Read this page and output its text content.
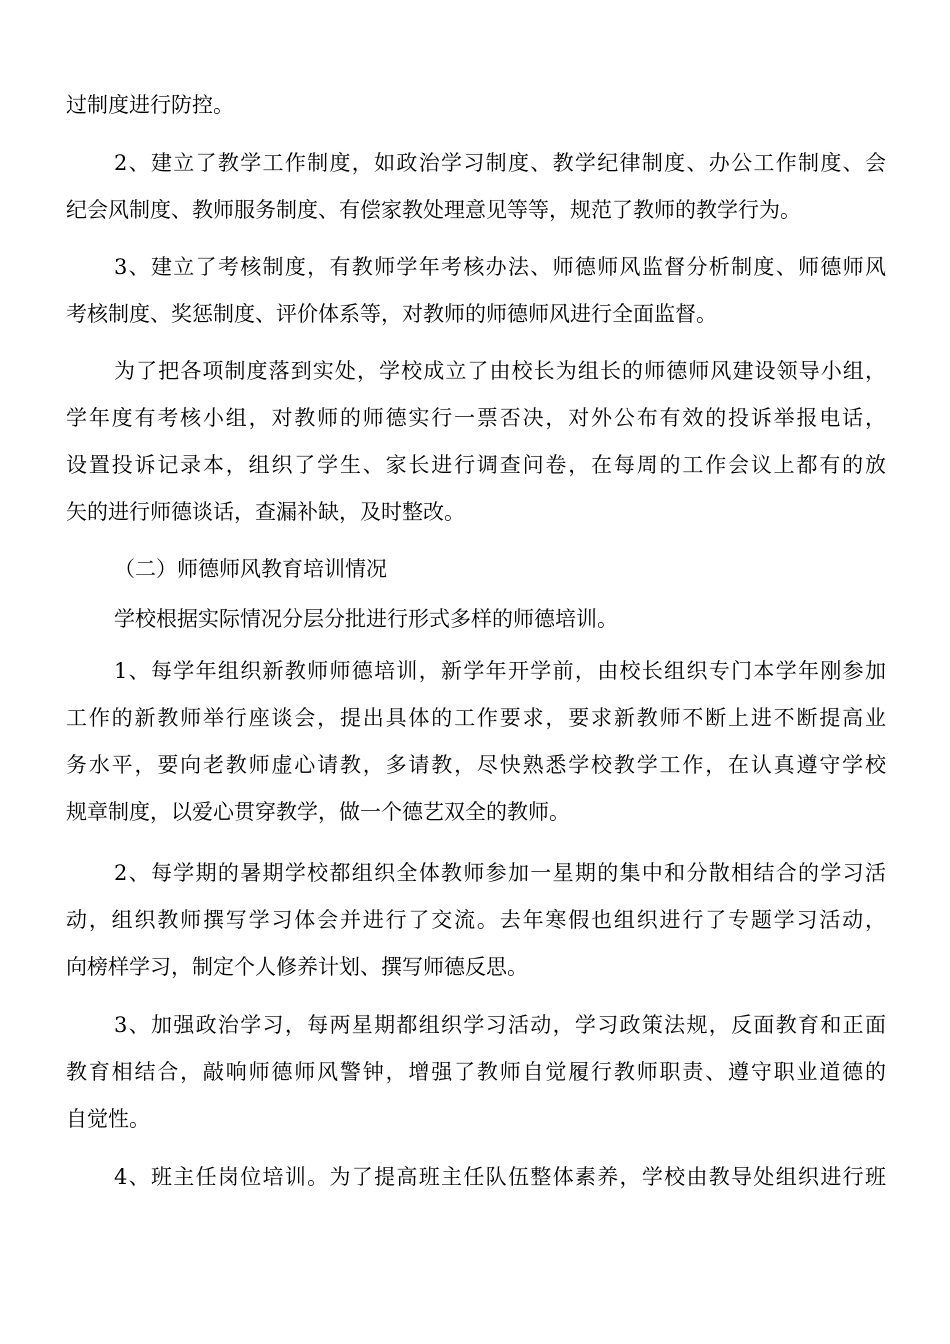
过制度进行防控。
2、建立了教学工作制度，如政治学习制度、教学纪律制度、办公工作制度、会
纪会风制度、教师服务制度、有偿家教处理意见等等，规范了教师的教学行为。
3、建立了考核制度，有教师学年考核办法、师德师风监督分析制度、师德师风
考核制度、奖惩制度、评价体系等，对教师的师德师风进行全面监督。
为了把各项制度落到实处，学校成立了由校长为组长的师德师风建设领导小组，
学年度有考核小组，对教师的师德实行一票否决，对外公布有效的投诉举报电话，
设置投诉记录本，组织了学生、家长进行调查问卷，在每周的工作会议上都有的放
矢的进行师德谈话，查漏补缺，及时整改。
（二）师德师风教育培训情况
学校根据实际情况分层分批进行形式多样的师德培训。
1、每学年组织新教师师德培训，新学年开学前，由校长组织专门本学年刚参加
工作的新教师举行座谈会，提出具体的工作要求，要求新教师不断上进不断提高业
务水平，要向老教师虚心请教，多请教，尽快熟悉学校教学工作，在认真遵守学校
规章制度，以爱心贯穿教学，做一个德艺双全的教师。
2、每学期的暑期学校都组织全体教师参加一星期的集中和分散相结合的学习活
动，组织教师撰写学习体会并进行了交流。去年寒假也组织进行了专题学习活动，
向榜样学习，制定个人修养计划、撰写师德反思。
3、加强政治学习，每两星期都组织学习活动，学习政策法规，反面教育和正面
教育相结合，敲响师德师风警钟，增强了教师自觉履行教师职责、遵守职业道德的
自觉性。
4、班主任岗位培训。为了提高班主任队伍整体素养，学校由教导处组织进行班
